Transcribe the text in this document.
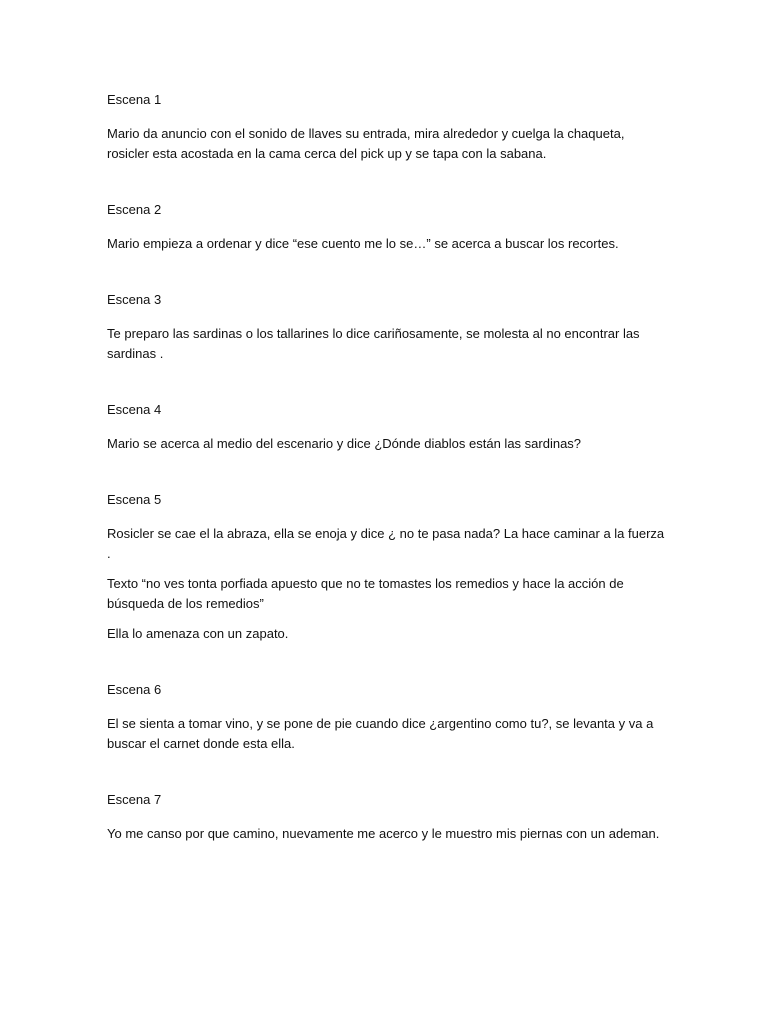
Escena 1

Mario da anuncio con el sonido de llaves su entrada, mira alrededor y cuelga la chaqueta, rosicler esta acostada en la cama cerca del pick up y se tapa con la sabana.

Escena 2

Mario empieza a ordenar y dice “ese cuento me lo se…” se acerca a buscar los recortes.

Escena 3

Te preparo las sardinas o los tallarines lo dice cariñosamente, se molesta al no encontrar las sardinas .

Escena 4

Mario se acerca al medio del escenario y dice ¿Dónde diablos están las sardinas?

Escena 5

Rosicler se cae el la abraza, ella se enoja y dice ¿ no te pasa nada? La hace caminar a la fuerza .

Texto “no ves tonta porfiada apuesto que no te tomastes los remedios y hace la acción de búsqueda de los remedios”

Ella lo amenaza con un zapato.

Escena 6

El se sienta a tomar vino, y se pone de pie cuando dice ¿argentino como tu?, se levanta y va a buscar el carnet donde esta ella.

Escena 7

Yo me canso por que camino, nuevamente me acerco y le muestro mis piernas con un ademan.
